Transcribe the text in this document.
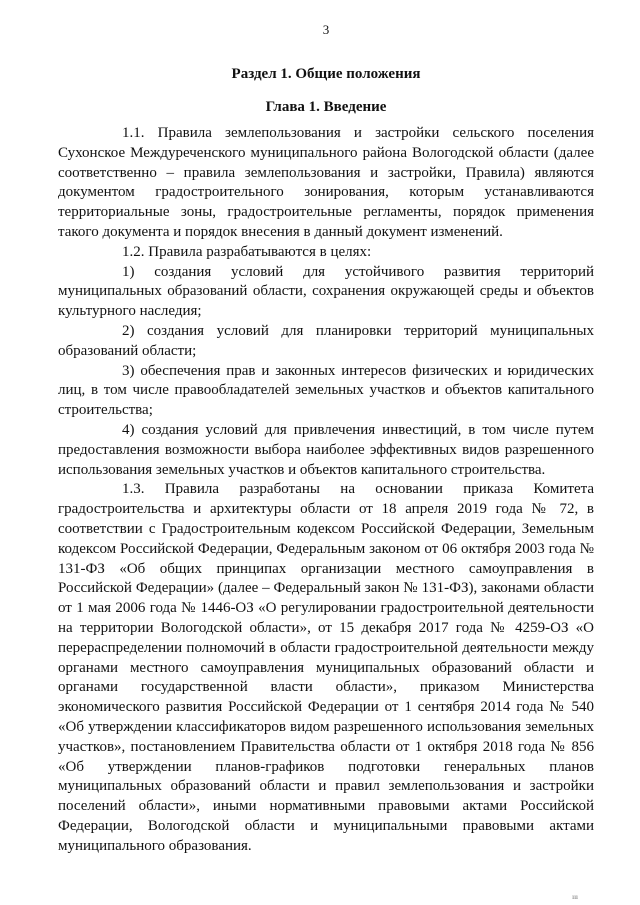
3
Раздел 1. Общие положения
Глава 1. Введение

1.1. Правила землепользования и застройки сельского поселения Сухонское Междуреченского муниципального района Вологодской области (далее соответственно – правила землепользования и застройки, Правила) являются документом градостроительного зонирования, которым устанавливаются территориальные зоны, градостроительные регламенты, порядок применения такого документа и порядок внесения в данный документ изменений.

1.2. Правила разрабатываются в целях:

1) создания условий для устойчивого развития территорий муниципальных образований области, сохранения окружающей среды и объектов культурного наследия;

2) создания условий для планировки территорий муниципальных образований области;

3) обеспечения прав и законных интересов физических и юридических лиц, в том числе правообладателей земельных участков и объектов капитального строительства;

4) создания условий для привлечения инвестиций, в том числе путем предоставления возможности выбора наиболее эффективных видов разрешенного использования земельных участков и объектов капитального строительства.

1.3. Правила разработаны на основании приказа Комитета градостроительства и архитектуры области от 18 апреля 2019 года № 72, в соответствии с Градостроительным кодексом Российской Федерации, Земельным кодексом Российской Федерации, Федеральным законом от 06 октября 2003 года № 131-ФЗ «Об общих принципах организации местного самоуправления в Российской Федерации» (далее – Федеральный закон № 131-ФЗ), законами области от 1 мая 2006 года № 1446-ОЗ «О регулировании градостроительной деятельности на территории Вологодской области», от 15 декабря 2017 года № 4259-ОЗ «О перераспределении полномочий в области градостроительной деятельности между органами местного самоуправления муниципальных образований области и органами государственной власти области», приказом Министерства экономического развития Российской Федерации от 1 сентября 2014 года № 540 «Об утверждении классификаторов видом разрешенного использования земельных участков», постановлением Правительства области от 1 октября 2018 года № 856 «Об утверждении планов-графиков подготовки генеральных планов муниципальных образований области и правил землепользования и застройки поселений области», иными нормативными правовыми актами Российской Федерации, Вологодской области и муниципальными правовыми актами муниципального образования.

ııı
